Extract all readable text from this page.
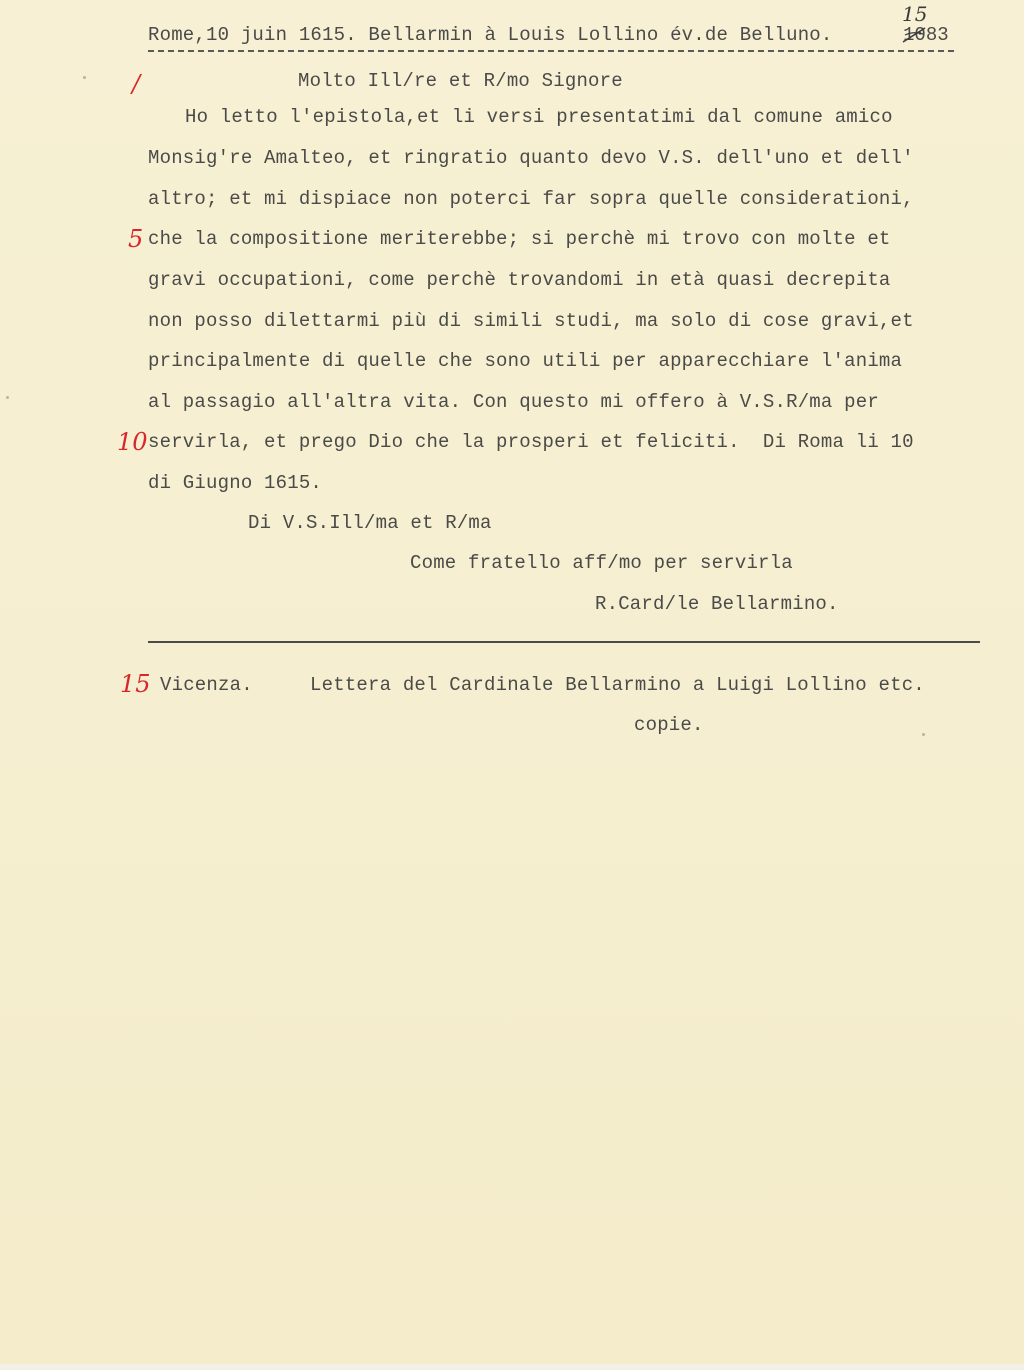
Rome,10 juin 1615. Bellarmin à Louis Lollino év.de Belluno.	10
83
15
/
5
10
15
Molto Ill/re et R/mo Signore
Ho letto l'epistola,et li versi presentatimi dal comune amico
Monsig're Amalteo, et ringratio quanto devo V.S. dell'uno et dell'
altro; et mi dispiace non poterci far sopra quelle considerationi,
che la compositione meriterebbe; si perchè mi trovo con molte et
gravi occupationi, come perchè trovandomi in età quasi decrepita
non posso dilettarmi più di simili studi, ma solo di cose gravi,et
principalmente di quelle che sono utili per apparecchiare l'anima
al passagio all'altra vita. Con questo mi offero à V.S.R/ma per
servirla, et prego Dio che la prosperi et feliciti.  Di Roma li 10
di Giugno 1615.
Di V.S.Ill/ma et R/ma
Come fratello aff/mo per servirla
R.Card/le Bellarmino.
Vicenza.	Lettera del Cardinale Bellarmino a Luigi Lollino etc.
copie.
